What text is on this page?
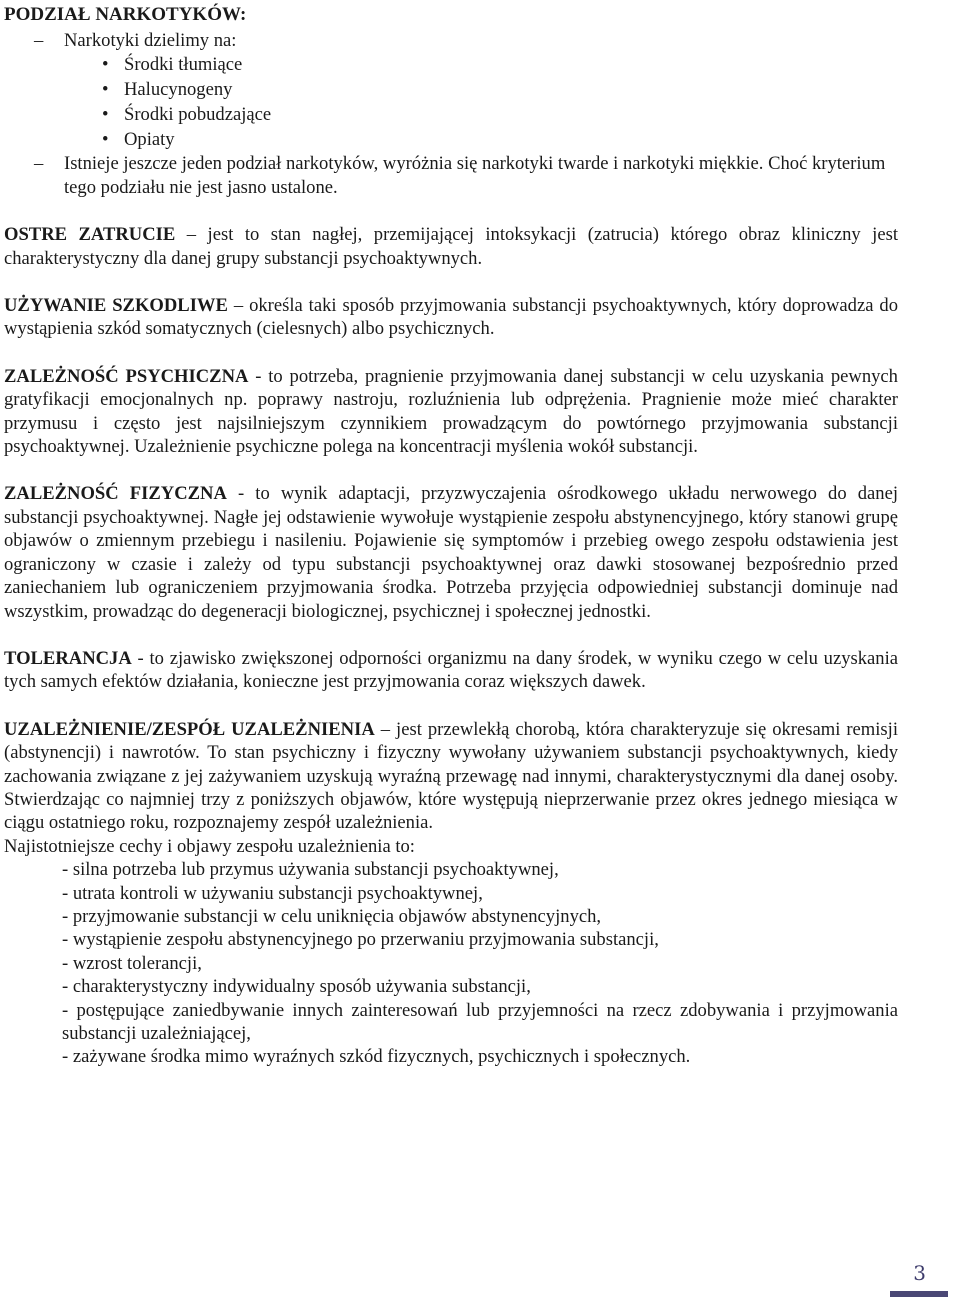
PODZIAŁ NARKOTYKÓW:
– Narkotyki dzielimy na:
• Środki tłumiące
• Halucynogeny
• Środki pobudzające
• Opiaty
– Istnieje jeszcze jeden podział narkotyków, wyróżnia się narkotyki twarde i narkotyki miękkie. Choć kryterium tego podziału nie jest jasno ustalone.

OSTRE ZATRUCIE – jest to stan nagłej, przemijającej intoksykacji (zatrucia) którego obraz kliniczny jest charakterystyczny dla danej grupy substancji psychoaktywnych.

UŻYWANIE SZKODLIWE – określa taki sposób przyjmowania substancji psychoaktywnych, który doprowadza do wystąpienia szkód somatycznych (cielesnych) albo psychicznych.

ZALEŻNOŚĆ PSYCHICZNA - to potrzeba, pragnienie przyjmowania danej substancji w celu uzyskania pewnych gratyfikacji emocjonalnych np. poprawy nastroju, rozluźnienia lub odprężenia. Pragnienie może mieć charakter przymusu i często jest najsilniejszym czynnikiem prowadzącym do powtórnego przyjmowania substancji psychoaktywnej. Uzależnienie psychiczne polega na koncentracji myślenia wokół substancji.

ZALEŻNOŚĆ FIZYCZNA - to wynik adaptacji, przyzwyczajenia ośrodkowego układu nerwowego do danej substancji psychoaktywnej. Nagłe jej odstawienie wywołuje wystąpienie zespołu abstynencyjnego, który stanowi grupę objawów o zmiennym przebiegu i nasileniu. Pojawienie się symptomów i przebieg owego zespołu odstawienia jest ograniczony w czasie i zależy od typu substancji psychoaktywnej oraz dawki stosowanej bezpośrednio przed zaniechaniem lub ograniczeniem przyjmowania środka. Potrzeba przyjęcia odpowiedniej substancji dominuje nad wszystkim, prowadząc do degeneracji biologicznej, psychicznej i społecznej jednostki.

TOLERANCJA - to zjawisko zwiększonej odporności organizmu na dany środek, w wyniku czego w celu uzyskania tych samych efektów działania, konieczne jest przyjmowania coraz większych dawek.

UZALEŻNIENIE/ZESPÓŁ UZALEŻNIENIA – jest przewlekłą chorobą, która charakteryzuje się okresami remisji (abstynencji) i nawrotów. To stan psychiczny i fizyczny wywołany używaniem substancji psychoaktywnych, kiedy zachowania związane z jej zażywaniem uzyskują wyraźną przewagę nad innymi, charakterystycznymi dla danej osoby. Stwierdzając co najmniej trzy z poniższych objawów, które występują nieprzerwanie przez okres jednego miesiąca w ciągu ostatniego roku, rozpoznajemy zespół uzależnienia.

Najistotniejsze cechy i objawy zespołu uzależnienia to:
- silna potrzeba lub przymus używania substancji psychoaktywnej,
- utrata kontroli w używaniu substancji psychoaktywnej,
- przyjmowanie substancji w celu uniknięcia objawów abstynencyjnych,
- wystąpienie zespołu abstynencyjnego po przerwaniu przyjmowania substancji,
- wzrost tolerancji,
- charakterystyczny indywidualny sposób używania substancji,
- postępujące zaniedbywanie innych zainteresowań lub przyjemności na rzecz zdobywania i przyjmowania substancji uzależniającej,
- zażywane środka mimo wyraźnych szkód fizycznych, psychicznych i społecznych.
3
